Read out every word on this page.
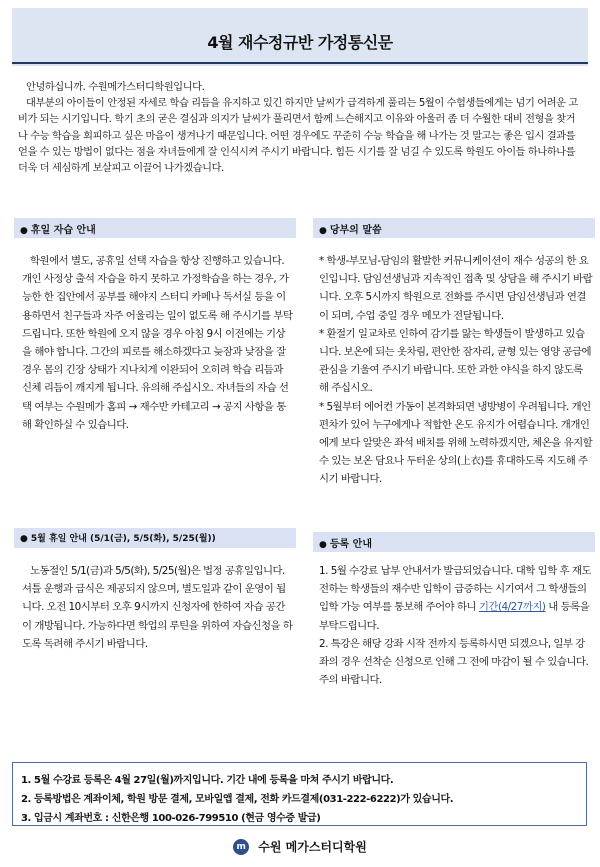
4월 재수정규반 가정통신문

안녕하십니까. 수원메가스터디학원입니다.

대부분의 아이들이 안정된 자세로 학습 리듬을 유지하고 있긴 하지만 날씨가 급격하게 풀리는 5월이 수험생들에게는 넘기 어려운 고비가 되는 시기입니다. 학기 초의 굳은 결심과 의지가 날씨가 풀리면서 함께 느슨해지고 이유와 아울러 좀 더 수월한 대비 전형을 찾거나 수능 학습을 회피하고 싶은 마음이 생겨나기 때문입니다. 어떤 경우에도 꾸준히 수능 학습을 해 나가는 것 말고는 좋은 입시 결과를 얻을 수 있는 방법이 없다는 점을 자녀들에게 잘 인식시켜 주시기 바랍니다. 힘든 시기를 잘 넘길 수 있도록 학원도 아이들 하나하나를 더욱 더 세심하게 보살피고 이끌어 나가겠습니다.

● 휴일 자습 안내
학원에서 별도, 공휴일 선택 자습을 항상 진행하고 있습니다. 개인 사정상 출석 자습을 하지 못하고 가정학습을 하는 경우, 가능한 한 집안에서 공부를 해야지 스터디 카페나 독서실 등을 이용하면서 친구들과 자주 어울리는 일이 없도록 해 주시기를 부탁드립니다. 또한 학원에 오지 않을 경우 아침 9시 이전에는 기상을 해야 합니다. 그간의 피로를 해소하겠다고 늦잠과 낮잠을 잘 경우 몸의 긴장 상태가 지나치게 이완되어 오히려 학습 리듬과 신체 리듬이 깨지게 됩니다. 유의해 주십시오. 자녀들의 자습 선택 여부는 수원메가 홈피 → 재수반 카테고리 → 공지 사항을 통해 확인하실 수 있습니다.
● 당부의 말씀

* 학생-부모님-담임의 활발한 커뮤니케이션이 재수 성공의 한 요인입니다. 담임선생님과 지속적인 접촉 및 상담을 해 주시기 바랍니다. 오후 5시까지 학원으로 전화를 주시면 담임선생님과 연결이 되며, 수업 중일 경우 메모가 전달됩니다.

* 환절기 일교차로 인하여 감기를 앓는 학생들이 발생하고 있습니다. 보온에 되는 옷차림, 편안한 잠자리, 균형 있는 영양 공급에 관심을 기울여 주시기 바랍니다. 또한 과한 야식을 하지 않도록 해 주십시오.

* 5월부터 에어컨 가동이 본격화되면 냉방병이 우려됩니다. 개인 편차가 있어 누구에게나 적합한 온도 유지가 어렵습니다. 개개인에게 보다 알맞은 좌석 배치를 위해 노력하겠지만, 체온을 유지할 수 있는 보온 담요나 두터운 상의(上衣)를 휴대하도록 지도해 주시기 바랍니다.

● 5월 휴일 안내 (5/1(금), 5/5(화), 5/25(월))
노동절인 5/1(금)과 5/5(화), 5/25(월)은 법정 공휴일입니다. 셔틀 운행과 급식은 제공되지 않으며, 별도일과 같이 운영이 됩니다. 오전 10시부터 오후 9시까지 신청자에 한하여 자습 공간이 개방됩니다. 가능하다면 학업의 루틴을 위하여 자습신청을 하도록 독려해 주시기 바랍니다.
● 등록 안내

1. 5월 수강료 납부 안내서가 발급되었습니다. 대학 입학 후 재도전하는 학생들의 재수반 입학이 급증하는 시기여서 그 학생들의 입학 가능 여부를 통보해 주어야 하니 기간(4/27까지) 내 등록을 부탁드립니다.

2. 특강은 해당 강좌 시작 전까지 등록하시면 되겠으나, 일부 강좌의 경우 선착순 신청으로 인해 그 전에 마감이 될 수 있습니다. 주의 바랍니다.

1. 5월 수강료 등록은 4월 27일(월)까지입니다. 기간 내에 등록을 마쳐 주시기 바랍니다.

2. 등록방법은 계좌이체, 학원 방문 결제, 모바일앱 결제, 전화 카드결제(031-222-6222)가 있습니다.

3. 입금시 계좌번호 : 신한은행 100-026-799510 (현금 영수증 발급)

m 수원 메가스터디학원
